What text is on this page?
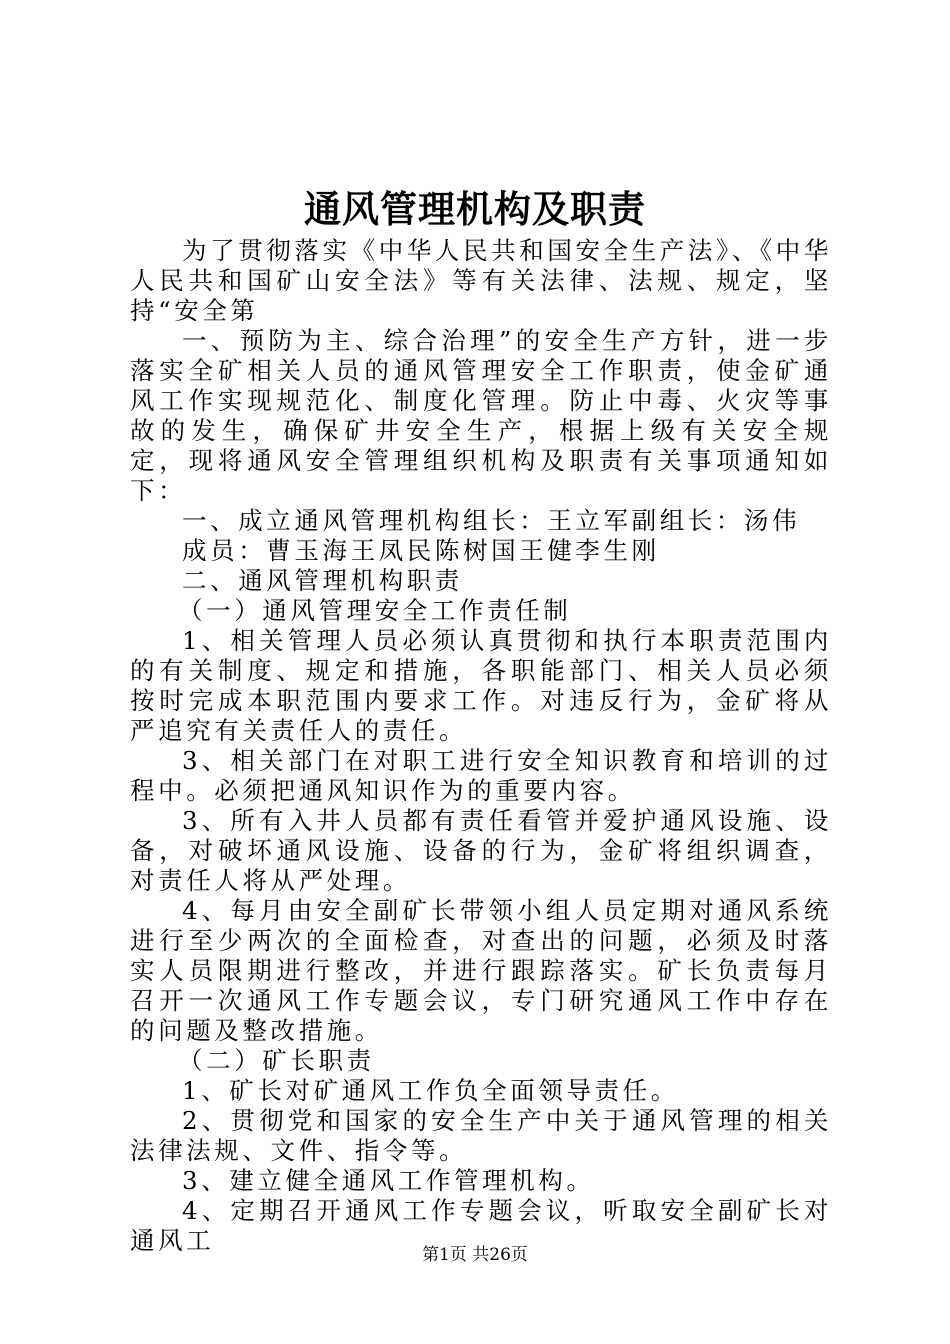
通风管理机构及职责

为了贯彻落实《中华人民共和国安全生产法》、《中华人民共和国矿山安全法》等有关法律、法规、规定，坚持“安全第

一、预防为主、综合治理”的安全生产方针，进一步落实全矿相关人员的通风管理安全工作职责，使金矿通风工作实现规范化、制度化管理。防止中毒、火灾等事故的发生，确保矿井安全生产，根据上级有关安全规定，现将通风安全管理组织机构及职责有关事项通知如下：

一、成立通风管理机构组长：王立军副组长：汤伟

成员：曹玉海王凤民陈树国王健李生刚

二、通风管理机构职责

（一）通风管理安全工作责任制

1、相关管理人员必须认真贯彻和执行本职责范围内的有关制度、规定和措施，各职能部门、相关人员必须按时完成本职范围内要求工作。对违反行为，金矿将从严追究有关责任人的责任。

3、相关部门在对职工进行安全知识教育和培训的过程中。必须把通风知识作为的重要内容。

3、所有入井人员都有责任看管并爱护通风设施、设备，对破坏通风设施、设备的行为，金矿将组织调查，对责任人将从严处理。

4、每月由安全副矿长带领小组人员定期对通风系统进行至少两次的全面检查，对查出的问题，必须及时落实人员限期进行整改，并进行跟踪落实。矿长负责每月召开一次通风工作专题会议，专门研究通风工作中存在的问题及整改措施。

（二）矿长职责

1、矿长对矿通风工作负全面领导责任。

2、贯彻党和国家的安全生产中关于通风管理的相关法律法规、文件、指令等。

3、建立健全通风工作管理机构。

4、定期召开通风工作专题会议，听取安全副矿长对通风工	第1页 共26页
